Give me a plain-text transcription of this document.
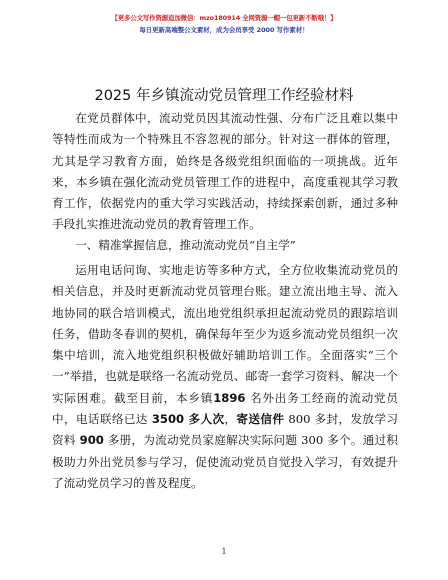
【更多公文写作资源追加微信：mzo180914 全网资源一帽一包更新不断哦！】
每日更新高端整公文素材，成为会员享受 2000 写作素材！
2025 年乡镇流动党员管理工作经验材料

在党员群体中，流动党员因其流动性强、分布广泛且难以集中等特性而成为一个特殊且不容忽视的部分。针对这一群体的管理，尤其是学习教育方面，始终是各级党组织面临的一项挑战。近年来，本乡镇在强化流动党员管理工作的进程中，高度重视其学习教育工作，依据党内的重大学习实践活动，持续探索创新，通过多种手段扎实推进流动党员的教育管理工作。

一、精准掌握信息，推动流动党员“自主学”

运用电话问询、实地走访等多种方式，全方位收集流动党员的相关信息，并及时更新流动党员管理台账。建立流出地主导、流入地协同的联合培训模式，流出地党组织承担起流动党员的跟踪培训任务，借助冬春训的契机，确保每年至少为返乡流动党员组织一次集中培训，流入地党组织积极做好辅助培训工作。全面落实“三个一”举措，也就是联络一名流动党员、邮寄一套学习资料、解决一个实际困难。截至目前，本乡镇1896 名外出务工经商的流动党员中，电话联络已达 3500 多人次，寄送信件 800 多封，发放学习资料 900 多册，为流动党员家庭解决实际问题 300 多个。通过积极助力外出党员参与学习，促使流动党员自觉投入学习，有效提升了流动党员学习的普及程度。

1
